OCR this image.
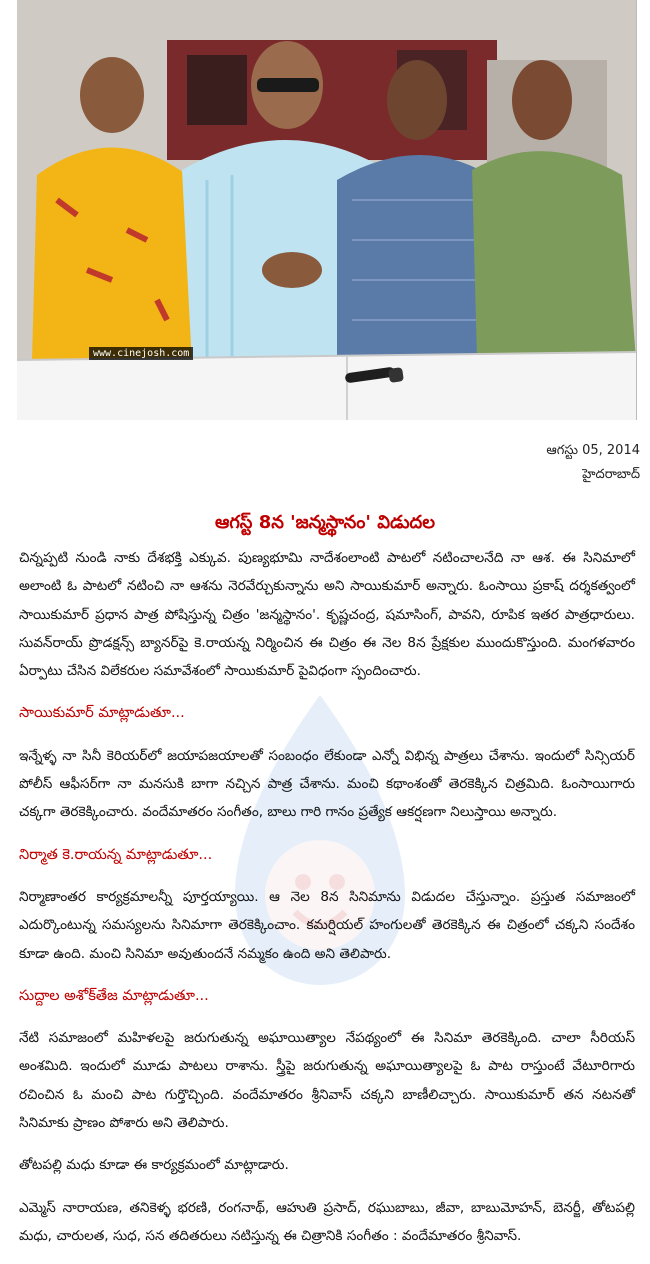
www.cinejosh.com
ఆగస్టు 05, 2014
హైదరాబాద్
ఆగస్ట్ 8న 'జన్మస్థానం' విడుదల

చిన్నప్పటి నుండి నాకు దేశభక్తి ఎక్కువ. పుణ్యభూమి నాదేశంలాంటి పాటలో నటించాలనేది నా ఆశ. ఈ సినిమాలో అలాంటి ఓ పాటలో నటించి నా ఆశను నెరవేర్చుకున్నాను అని సాయికుమార్ అన్నారు. ఓంసాయి ప్రకాష్ దర్శకత్వంలో సాయికుమార్ ప్రధాన పాత్ర పోషిస్తున్న చిత్రం 'జన్మస్థానం'. కృష్ణచంద్ర, షమాసింగ్, పావని, రూపిక ఇతర పాత్రధారులు. సువన్‌రాయ్ ప్రొడక్షన్స్ బ్యానర్‌పై కె.రాయన్న నిర్మించిన ఈ చిత్రం ఈ నెల 8న ప్రేక్షకుల ముందుకొస్తుంది. మంగళవారం ఏర్పాటు చేసిన విలేకరుల సమావేశంలో సాయికుమార్ పైవిధంగా స్పందించారు.

సాయికుమార్ మాట్లాడుతూ...

ఇన్నేళ్ళ నా సినీ కెరియర్‌లో జయాపజయాలతో సంబంధం లేకుండా ఎన్నో విభిన్న పాత్రలు చేశాను. ఇందులో సిన్సియర్ పోలీస్ ఆఫీసర్‌గా నా మనసుకి బాగా నచ్చిన పాత్ర చేశాను. మంచి కథాంశంతో తెరకెక్కిన చిత్రమిది. ఓంసాయిగారు చక్కగా తెరకెక్కించారు. వందేమాతరం సంగీతం, బాలు గారి గానం ప్రత్యేక ఆకర్షణగా నిలుస్తాయి అన్నారు.

నిర్మాత కె.రాయన్న మాట్లాడుతూ...

నిర్మాణాంతర కార్యక్రమాలన్నీ పూర్తయ్యాయి. ఆ నెల 8న సినిమాను విడుదల చేస్తున్నాం. ప్రస్తుత సమాజంలో ఎదుర్కొంటున్న సమస్యలను సినిమాగా తెరకెక్కించాం. కమర్షియల్ హంగులతో తెరకెక్కిన ఈ చిత్రంలో చక్కని సందేశం కూడా ఉంది. మంచి సినిమా అవుతుందనే నమ్మకం ఉంది అని తెలిపారు.

సుద్దాల అశోక్‌తేజ మాట్లాడుతూ...

నేటి సమాజంలో మహిళలపై జరుగుతున్న అఘాయిత్యాల నేపథ్యంలో ఈ సినిమా తెరకెక్కింది. చాలా సీరియస్ అంశమిది. ఇందులో మూడు పాటలు రాశాను. స్త్రీపై జరుగుతున్న అఘాయిత్యాలపై ఓ పాట రాస్తుంటే వేటూరిగారు రచించిన ఓ మంచి పాట గుర్తొచ్చింది. వందేమాతరం శ్రీనివాస్ చక్కని బాణీలిచ్చారు. సాయికుమార్ తన నటనతో సినిమాకు ప్రాణం పోశారు అని తెలిపారు.

తోటపల్లి మధు కూడా ఈ కార్యక్రమంలో మాట్లాడారు.

ఎమ్మెస్ నారాయణ, తనికెళ్ళ భరణి, రంగనాథ్, ఆహుతి ప్రసాద్, రఘుబాబు, జీవా, బాబుమోహన్, బెనర్జీ, తోటపల్లి మధు, చారులత, సుధ, సన తదితరులు నటిస్తున్న ఈ చిత్రానికి సంగీతం : వందేమాతరం శ్రీనివాస్.
